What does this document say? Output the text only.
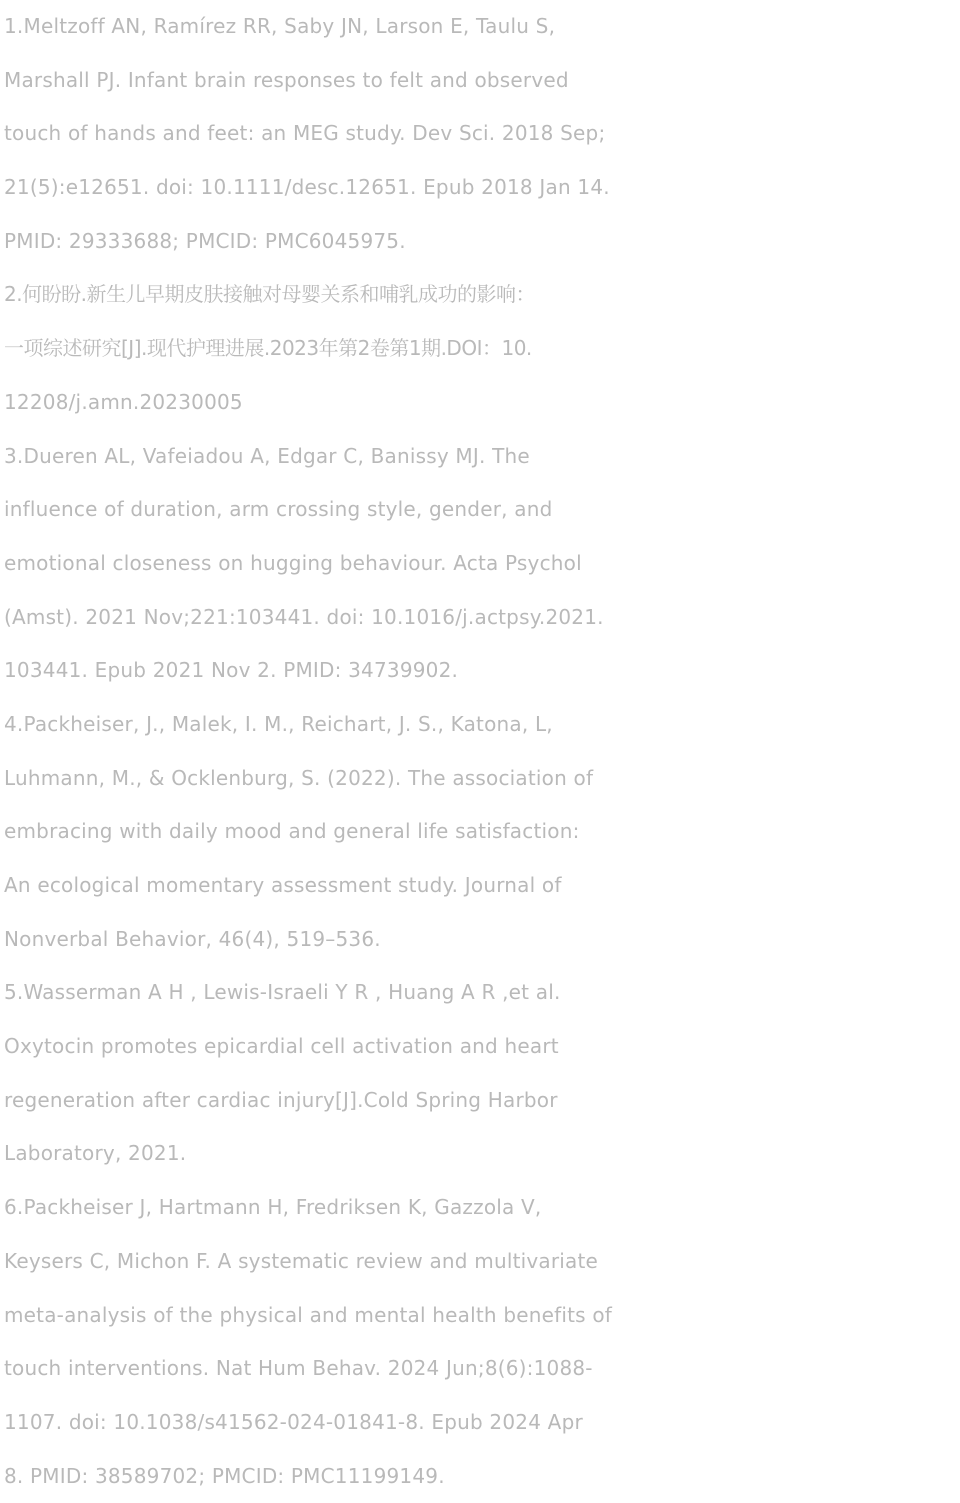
1.Meltzoff AN, Ramírez RR, Saby JN, Larson E, Taulu S,
Marshall PJ. Infant brain responses to felt and observed
touch of hands and feet: an MEG study. Dev Sci. 2018 Sep;
21(5):e12651. doi: 10.1111/desc.12651. Epub 2018 Jan 14.
PMID: 29333688; PMCID: PMC6045975.
2.何盼盼.新生儿早期皮肤接触对母婴关系和哺乳成功的影响：
一项综述研究[J].现代护理进展.2023年第2卷第1期.DOI：10.
12208/j.amn.20230005
3.Dueren AL, Vafeiadou A, Edgar C, Banissy MJ. The
influence of duration, arm crossing style, gender, and
emotional closeness on hugging behaviour. Acta Psychol
(Amst). 2021 Nov;221:103441. doi: 10.1016/j.actpsy.2021.
103441. Epub 2021 Nov 2. PMID: 34739902.
4.Packheiser, J., Malek, I. M., Reichart, J. S., Katona, L,
Luhmann, M., & Ocklenburg, S. (2022). The association of
embracing with daily mood and general life satisfaction:
An ecological momentary assessment study. Journal of
Nonverbal Behavior, 46(4), 519–536.
5.Wasserman A H , Lewis-Israeli Y R , Huang A R ,et al.
Oxytocin promotes epicardial cell activation and heart
regeneration after cardiac injury[J].Cold Spring Harbor
Laboratory, 2021.
6.Packheiser J, Hartmann H, Fredriksen K, Gazzola V,
Keysers C, Michon F. A systematic review and multivariate
meta-analysis of the physical and mental health benefits of
touch interventions. Nat Hum Behav. 2024 Jun;8(6):1088-
1107. doi: 10.1038/s41562-024-01841-8. Epub 2024 Apr
8. PMID: 38589702; PMCID: PMC11199149.
